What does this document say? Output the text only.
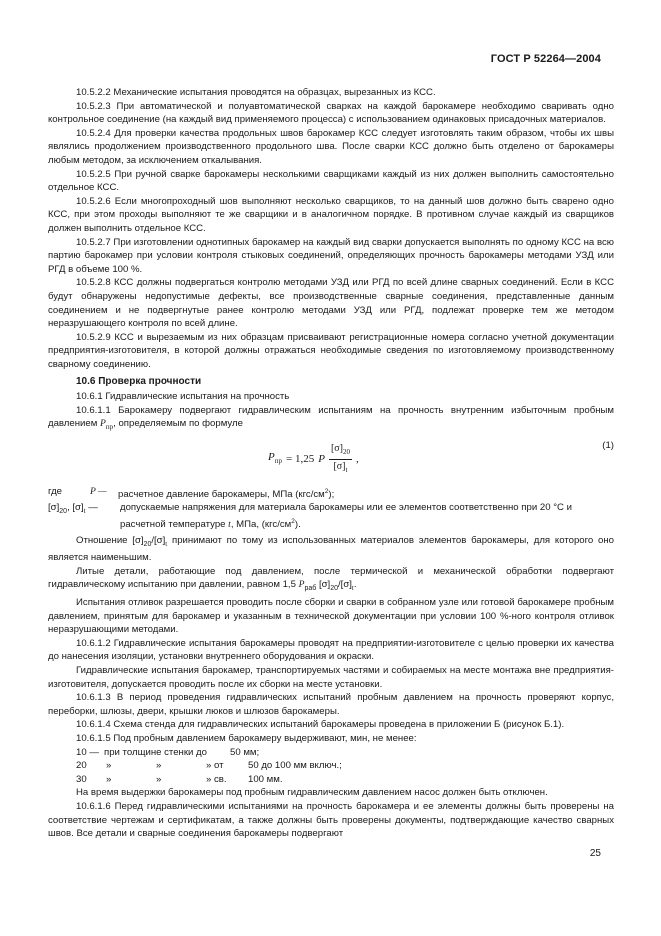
ГОСТ Р 52264—2004

10.5.2.2 Механические испытания проводятся на образцах, вырезанных из КСС.

10.5.2.3 При автоматической и полуавтоматической сварках на каждой барокамере необходимо сваривать одно контрольное соединение (на каждый вид применяемого процесса) с использованием одинаковых присадочных материалов.

10.5.2.4 Для проверки качества продольных швов барокамер КСС следует изготовлять таким образом, чтобы их швы являлись продолжением производственного продольного шва. После сварки КСС должно быть отделено от барокамеры любым методом, за исключением откалывания.

10.5.2.5 При ручной сварке барокамеры несколькими сварщиками каждый из них должен выполнить самостоятельно отдельное КСС.

10.5.2.6 Если многопроходный шов выполняют несколько сварщиков, то на данный шов должно быть сварено одно КСС, при этом проходы выполняют те же сварщики и в аналогичном порядке. В противном случае каждый из сварщиков должен выполнить отдельное КСС.

10.5.2.7 При изготовлении однотипных барокамер на каждый вид сварки допускается выполнять по одному КСС на всю партию барокамер при условии контроля стыковых соединений, определяющих прочность барокамеры методами УЗД или РГД в объеме 100 %.

10.5.2.8 КСС должны подвергаться контролю методами УЗД или РГД по всей длине сварных соединений. Если в КСС будут обнаружены недопустимые дефекты, все производственные сварные соединения, представленные данным соединением и не подвергнутые ранее контролю методами УЗД или РГД, подлежат проверке тем же методом неразрушающего контроля по всей длине.

10.5.2.9 КСС и вырезаемым из них образцам присваивают регистрационные номера согласно учетной документации предприятия-изготовителя, в которой должны отражаться необходимые сведения по изготовляемому производственному сварному соединению.

10.6 Проверка прочности

10.6.1 Гидравлические испытания на прочность

10.6.1.1 Барокамеру подвергают гидравлическим испытаниям на прочность внутренним избыточным пробным давлением $P_{пр}$, определяемым по формуле

$P_{пр} = 1,25$ P $\frac{[\sigma]_{20}}{[\sigma]_t}$ ,
(1)
где	P —	расчетное давление барокамеры, МПа $(кгс/см^2)$;
$[\sigma]_{20}$, $[\sigma]_t$ —	допускаемые напряжения для материала барокамеры или ее элементов соответственно при 20 °С и расчетной температуре t, МПа, $(кгс/см^2)$.

Отношение $[\sigma]_{20}/[\sigma]_t$ принимают по тому из использованных материалов элементов барокамеры, для которого оно является наименьшим.

Литые детали, работающие под давлением, после термической и механической обработки подвергают гидравлическому испытанию при давлении, равном 1,5 $P_{раб}$ $[\sigma]_{20}/[\sigma]_t$.

Испытания отливок разрешается проводить после сборки и сварки в собранном узле или готовой барокамере пробным давлением, принятым для барокамер и указанным в технической документации при условии 100 %-ного контроля отливок неразрушающими методами.

10.6.1.2 Гидравлические испытания барокамеры проводят на предприятии-изготовителе с целью проверки их качества до нанесения изоляции, установки внутреннего оборудования и окраски.

Гидравлические испытания барокамер, транспортируемых частями и собираемых на месте монтажа вне предприятия-изготовителя, допускается проводить после их сборки на месте установки.

10.6.1.3 В период проведения гидравлических испытаний пробным давлением на прочность проверяют корпус, переборки, шлюзы, двери, крышки люков и шлюзов барокамеры.

10.6.1.4 Схема стенда для гидравлических испытаний барокамеры проведена в приложении Б (рисунок Б.1).

10.6.1.5 Под пробным давлением барокамеру выдерживают, мин, не менее:

10 — при толщине стенки до	50 мм;
20	»	»	» от	50 до 100 мм включ.;
30	»	»	» св.	100 мм.

На время выдержки барокамеры под пробным гидравлическим давлением насос должен быть отключен.

10.6.1.6 Перед гидравлическими испытаниями на прочность барокамера и ее элементы должны быть проверены на соответствие чертежам и сертификатам, а также должны быть проверены документы, подтверждающие качество сварных швов. Все детали и сварные соединения барокамеры подвергают

25
